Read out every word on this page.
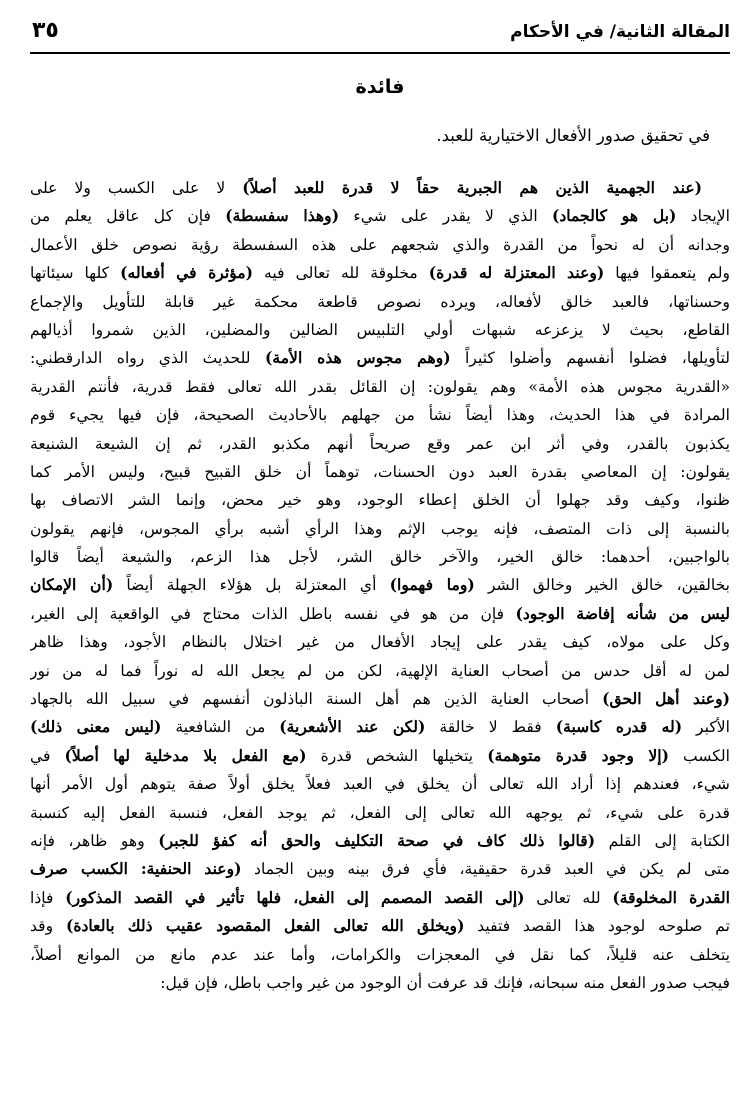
المقالة الثانية/ في الأحكام
٣٥
فائدة
في تحقيق صدور الأفعال الاختيارية للعبد.
(عند الجهمية الذين هم الجبرية حقاً لا قدرة للعبد أصلاً) لا على الكسب ولا على
الإيجاد (بل هو كالجماد) الذي لا يقدر على شيء (وهذا سفسطة) فإن كل عاقل يعلم من
وجدانه أن له نحواً من القدرة والذي شجعهم على هذه السفسطة رؤية نصوص خلق الأعمال
ولم يتعمقوا فيها (وعند المعتزلة له قدرة) مخلوقة لله تعالى فيه (مؤثرة في أفعاله) كلها سيئاتها
وحسناتها، فالعبد خالق لأفعاله، ويرده نصوص قاطعة محكمة غير قابلة للتأويل والإجماع
القاطع، بحيث لا يزعزعه شبهات أولي التلبيس الضالين والمضلين، الذين شمروا أذيالهم
لتأويلها، فضلوا أنفسهم وأضلوا كثيراً (وهم مجوس هذه الأمة) للحديث الذي رواه الدارقطني:
«القدرية مجوس هذه الأمة» وهم يقولون: إن القائل بقدر الله تعالى فقط قدرية، فأنتم القدرية
المرادة في هذا الحديث، وهذا أيضاً نشأ من جهلهم بالأحاديث الصحيحة، فإن فيها يجيء قوم
يكذبون بالقدر، وفي أثر ابن عمر وقع صريحاً أنهم مكذبو القدر، ثم إن الشيعة الشنيعة
يقولون: إن المعاصي بقدرة العبد دون الحسنات، توهماً أن خلق القبيح قبيح، وليس الأمر كما
ظنوا، وكيف وقد جهلوا أن الخلق إعطاء الوجود، وهو خير محض، وإنما الشر الاتصاف بها
بالنسبة إلى ذات المتصف، فإنه يوجب الإثم وهذا الرأي أشبه برأي المجوس، فإنهم يقولون
بالواجبين، أحدهما: خالق الخير، والآخر خالق الشر، لأجل هذا الزعم، والشيعة أيضاً قالوا
بخالقين، خالق الخير وخالق الشر (وما فهموا) أي المعتزلة بل هؤلاء الجهلة أيضاً (أن الإمكان
ليس من شأنه إفاضة الوجود) فإن من هو في نفسه باطل الذات محتاج في الواقعية إلى الغير،
وكل على مولاه، كيف يقدر على إيجاد الأفعال من غير اختلال بالنظام الأجود، وهذا ظاهر
لمن له أقل حدس من أصحاب العناية الإلهية، لكن من لم يجعل الله له نوراً فما له من نور
(وعند أهل الحق) أصحاب العناية الذين هم أهل السنة الباذلون أنفسهم في سبيل الله بالجهاد
الأكبر (له قدره كاسبة) فقط لا خالقة (لكن عند الأشعرية) من الشافعية (ليس معنى ذلك)
الكسب (إلا وجود قدرة متوهمة) يتخيلها الشخص قدرة (مع الفعل بلا مدخلية لها أصلاً) في
شيء، فعندهم إذا أراد الله تعالى أن يخلق في العبد فعلاً يخلق أولاً صفة يتوهم أول الأمر أنها
قدرة على شيء، ثم يوجهه الله تعالى إلى الفعل، ثم يوجد الفعل، فنسبة الفعل إليه كنسبة
الكتابة إلى القلم (قالوا ذلك كاف في صحة التكليف والحق أنه كفؤ للجبر) وهو ظاهر، فإنه
متى لم يكن في العبد قدرة حقيقية، فأي فرق بينه وبين الجماد (وعند الحنفية: الكسب صرف
القدرة المخلوقة) لله تعالى (إلى القصد المصمم إلى الفعل، فلها تأثير في القصد المذكور) فإذا
تم صلوحه لوجود هذا القصد فتفيد (ويخلق الله تعالى الفعل المقصود عقيب ذلك بالعادة) وقد
يتخلف عنه قليلاً، كما نقل في المعجزات والكرامات، وأما عند عدم مانع من الموانع أصلاً،
فيجب صدور الفعل منه سبحانه، فإنك قد عرفت أن الوجود من غير واجب باطل، فإن قيل:
